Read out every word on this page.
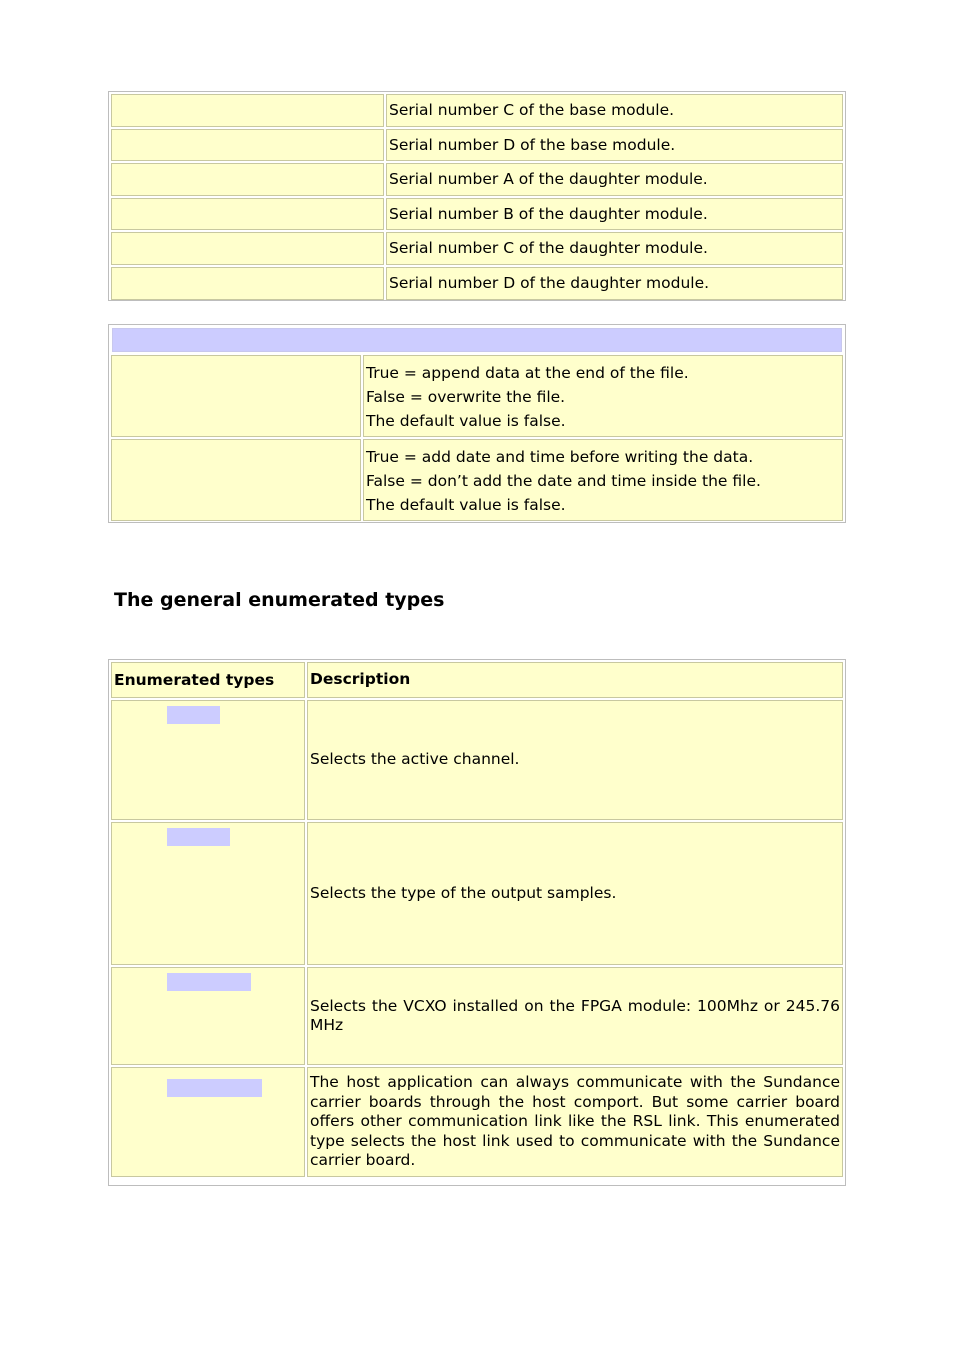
Serial number C of the base module.
Serial number D of the base module.
Serial number A of the daughter module.
Serial number B of the daughter module.
Serial number C of the daughter module.
Serial number D of the daughter module.
True = append data at the end of the file.
False = overwrite the file.
The default value is false.
True = add date and time before writing the data.
False = don’t add the date and time inside the file.
The default value is false.
The general enumerated types
Enumerated types	Description
Selects the active channel.
Selects the type of the output samples.
Selects the VCXO installed on the FPGA module: 100Mhz or 245.76 MHz
The host application can always communicate with the Sundance carrier boards through the host comport. But some carrier board offers other communication link like the RSL link. This enumerated type selects the host link used to communicate with the Sundance carrier board.
